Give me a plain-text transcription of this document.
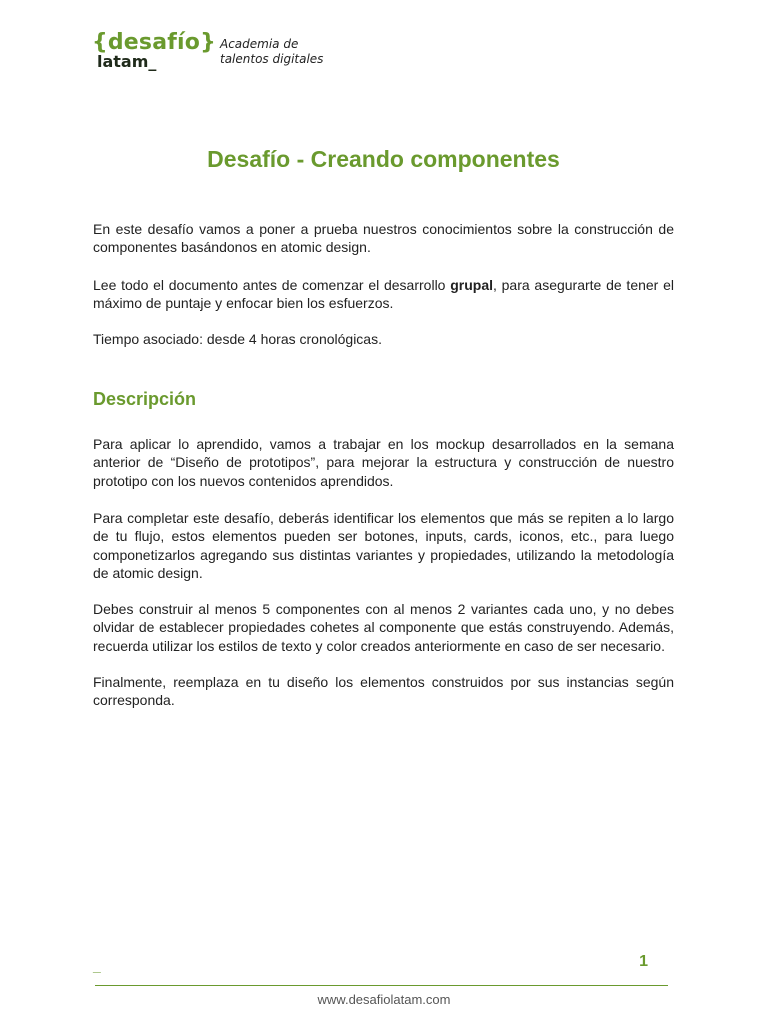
{desafío}
latam_
Academia de
talentos digitales
Desafío - Creando componentes

En este desafío vamos a poner a prueba nuestros conocimientos sobre la construcción de componentes basándonos en atomic design.

Lee todo el documento antes de comenzar el desarrollo grupal, para asegurarte de tener el máximo de puntaje y enfocar bien los esfuerzos.

Tiempo asociado: desde 4 horas cronológicas.

Descripción

Para aplicar lo aprendido, vamos a trabajar en los mockup desarrollados en la semana anterior de “Diseño de prototipos”, para mejorar la estructura y construcción de nuestro prototipo con los nuevos contenidos aprendidos.

Para completar este desafío, deberás identificar los elementos que más se repiten a lo largo de tu flujo, estos elementos pueden ser botones, inputs, cards, iconos, etc., para luego componetizarlos agregando sus distintas variantes y propiedades, utilizando la metodología de atomic design.

Debes construir al menos 5 componentes con al menos 2 variantes cada uno, y no debes olvidar de establecer propiedades cohetes al componente que estás construyendo. Además, recuerda utilizar los estilos de texto y color creados anteriormente en caso de ser necesario.

Finalmente, reemplaza en tu diseño los elementos construidos por sus instancias según corresponda.

_	1
www.desafiolatam.com
